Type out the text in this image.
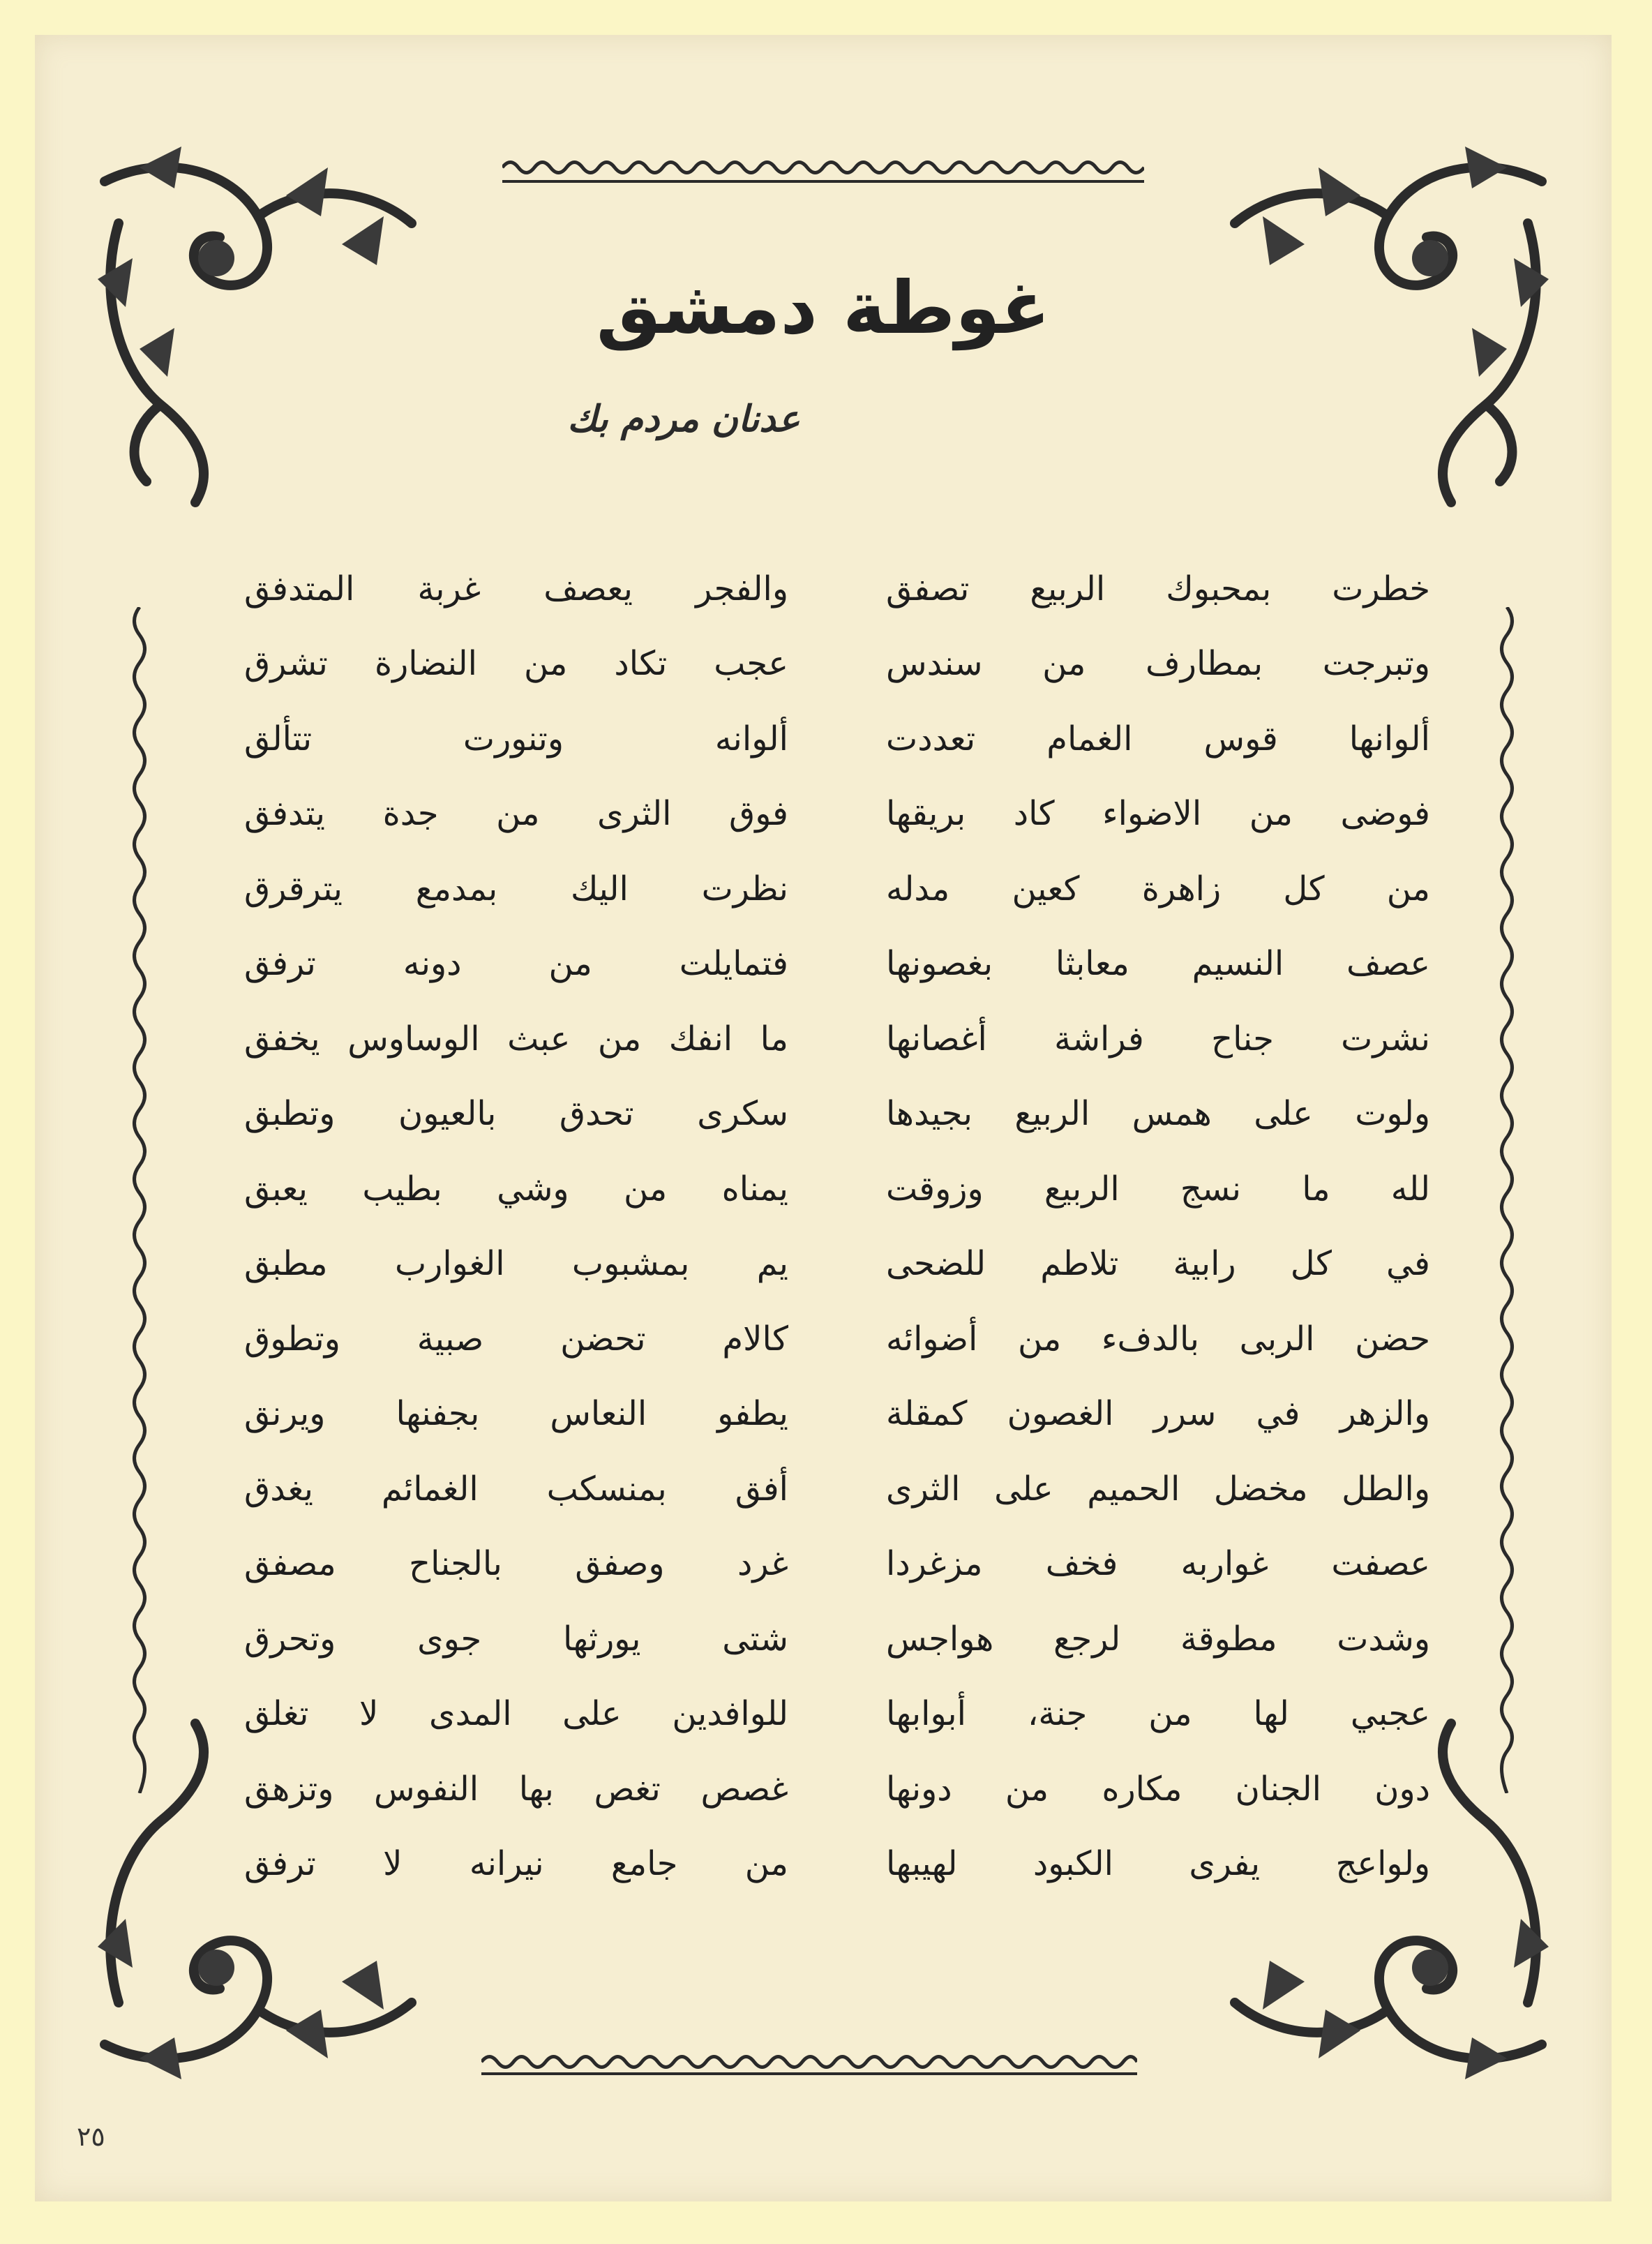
غوطة دمشق
عدنان مردم بك
خطرت بمحبوك الربيع تصفق
والفجر يعصف غربة المتدفق
وتبرجت بمطارف من سندس
عجب تكاد من النضارة تشرق
ألوانها قوس الغمام تعددت
ألوانه وتنورت تتألق
فوضى من الاضواء كاد بريقها
فوق الثرى من جدة يتدفق
من كل زاهرة كعين مدله
نظرت اليك بمدمع يترقرق
عصف النسيم معابثا بغصونها
فتمايلت من دونه ترفق
نشرت جناح فراشة أغصانها
ما انفك من عبث الوساوس يخفق
ولوت على همس الربيع بجيدها
سكرى تحدق بالعيون وتطبق
لله ما نسج الربيع وزوقت
يمناه من وشي بطيب يعبق
في كل رابية تلاطم للضحى
يم بمشبوب الغوارب مطبق
حضن الربى بالدفء من أضوائه
كالام تحضن صبية وتطوق
والزهر في سرر الغصون كمقلة
يطفو النعاس بجفنها ويرنق
والطل مخضل الحميم على الثرى
أفق بمنسكب الغمائم يغدق
عصفت غواربه فخف مزغردا
غرد وصفق بالجناح مصفق
وشدت مطوقة لرجع هواجس
شتى يورثها جوى وتحرق
عجبي لها من جنة، أبوابها
للوافدين على المدى لا تغلق
دون الجنان مكاره من دونها
غصص تغص بها النفوس وتزهق
ولواعج يفرى الكبود لهيبها
من جامع نيرانه لا ترفق
٢٥
